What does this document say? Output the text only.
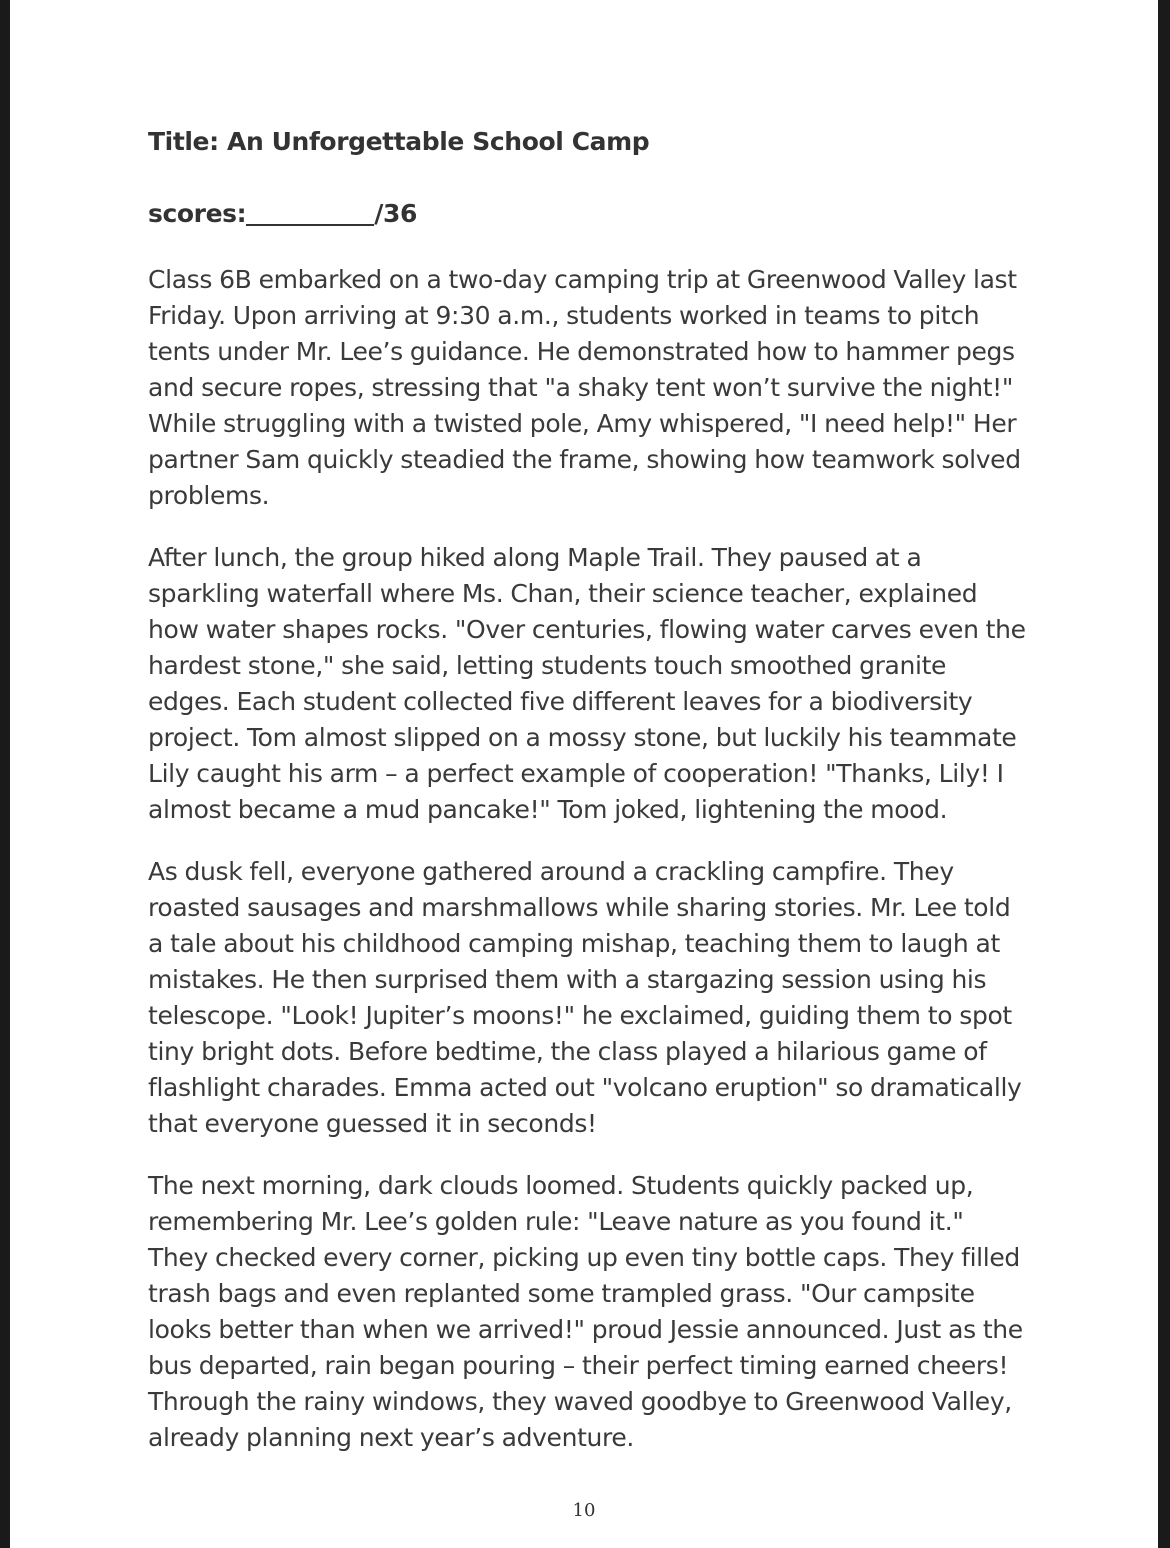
Title: An Unforgettable School Camp
scores:	/36

Class 6B embarked on a two-day camping trip at Greenwood Valley last Friday. Upon arriving at 9:30 a.m., students worked in teams to pitch tents under Mr. Lee’s guidance. He demonstrated how to hammer pegs and secure ropes, stressing that "a shaky tent won’t survive the night!" While struggling with a twisted pole, Amy whispered, "I need help!" Her partner Sam quickly steadied the frame, showing how teamwork solved problems.

After lunch, the group hiked along Maple Trail. They paused at a sparkling waterfall where Ms. Chan, their science teacher, explained how water shapes rocks. "Over centuries, flowing water carves even the hardest stone," she said, letting students touch smoothed granite edges. Each student collected five different leaves for a biodiversity project. Tom almost slipped on a mossy stone, but luckily his teammate Lily caught his arm – a perfect example of cooperation! "Thanks, Lily! I almost became a mud pancake!" Tom joked, lightening the mood.

As dusk fell, everyone gathered around a crackling campfire. They roasted sausages and marshmallows while sharing stories. Mr. Lee told a tale about his childhood camping mishap, teaching them to laugh at mistakes. He then surprised them with a stargazing session using his telescope. "Look! Jupiter’s moons!" he exclaimed, guiding them to spot tiny bright dots. Before bedtime, the class played a hilarious game of flashlight charades. Emma acted out "volcano eruption" so dramatically that everyone guessed it in seconds!

The next morning, dark clouds loomed. Students quickly packed up, remembering Mr. Lee’s golden rule: "Leave nature as you found it." They checked every corner, picking up even tiny bottle caps. They filled trash bags and even replanted some trampled grass. "Our campsite looks better than when we arrived!" proud Jessie announced. Just as the bus departed, rain began pouring – their perfect timing earned cheers! Through the rainy windows, they waved goodbye to Greenwood Valley, already planning next year’s adventure.

10
